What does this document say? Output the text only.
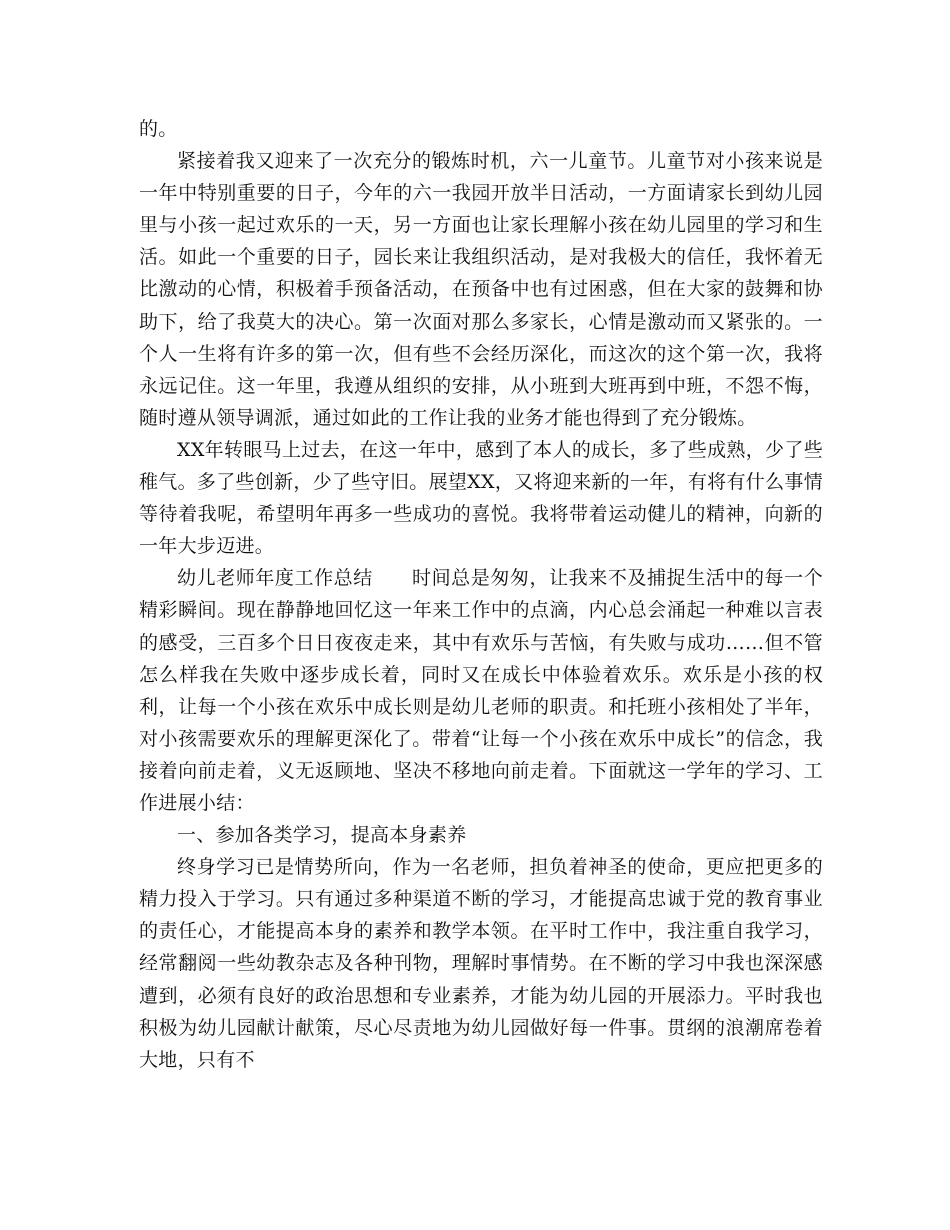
的。

紧接着我又迎来了一次充分的锻炼时机，六一儿童节。儿童节对小孩来说是一年中特别重要的日子，今年的六一我园开放半日活动，一方面请家长到幼儿园里与小孩一起过欢乐的一天，另一方面也让家长理解小孩在幼儿园里的学习和生活。如此一个重要的日子，园长来让我组织活动，是对我极大的信任，我怀着无比激动的心情，积极着手预备活动，在预备中也有过困惑，但在大家的鼓舞和协助下，给了我莫大的决心。第一次面对那么多家长，心情是激动而又紧张的。一个人一生将有许多的第一次，但有些不会经历深化，而这次的这个第一次，我将永远记住。这一年里，我遵从组织的安排，从小班到大班再到中班，不怨不悔，随时遵从领导调派，通过如此的工作让我的业务才能也得到了充分锻炼。

XX年转眼马上过去，在这一年中，感到了本人的成长，多了些成熟，少了些稚气。多了些创新，少了些守旧。展望XX，又将迎来新的一年，有将有什么事情等待着我呢，希望明年再多一些成功的喜悦。我将带着运动健儿的精神，向新的一年大步迈进。

幼儿老师年度工作总结　　时间总是匆匆，让我来不及捕捉生活中的每一个精彩瞬间。现在静静地回忆这一年来工作中的点滴，内心总会涌起一种难以言表的感受，三百多个日日夜夜走来，其中有欢乐与苦恼，有失败与成功……但不管怎么样我在失败中逐步成长着，同时又在成长中体验着欢乐。欢乐是小孩的权利，让每一个小孩在欢乐中成长则是幼儿老师的职责。和托班小孩相处了半年，对小孩需要欢乐的理解更深化了。带着“让每一个小孩在欢乐中成长”的信念，我接着向前走着，义无返顾地、坚决不移地向前走着。下面就这一学年的学习、工作进展小结：

一、参加各类学习，提高本身素养

终身学习已是情势所向，作为一名老师，担负着神圣的使命，更应把更多的精力投入于学习。只有通过多种渠道不断的学习，才能提高忠诚于党的教育事业的责任心，才能提高本身的素养和教学本领。在平时工作中，我注重自我学习，经常翻阅一些幼教杂志及各种刊物，理解时事情势。在不断的学习中我也深深感遭到，必须有良好的政治思想和专业素养，才能为幼儿园的开展添力。平时我也积极为幼儿园献计献策，尽心尽责地为幼儿园做好每一件事。贯纲的浪潮席卷着大地，只有不
